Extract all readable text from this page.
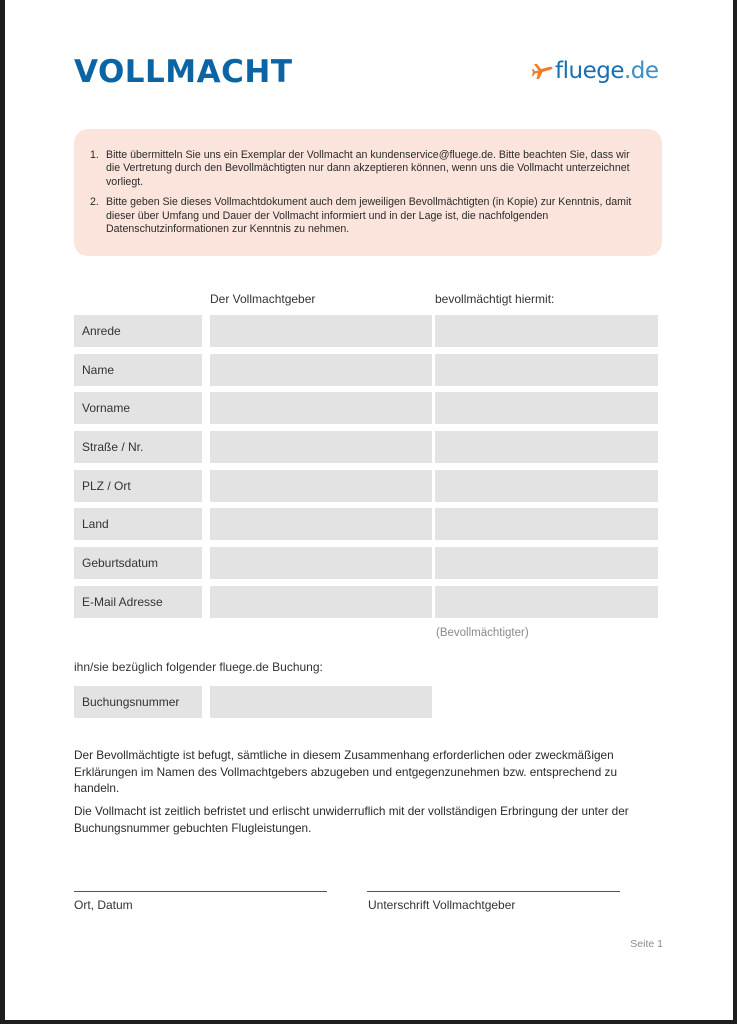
VOLLMACHT	fluege.de
1. Bitte übermitteln Sie uns ein Exemplar der Vollmacht an kundenservice@fluege.de. Bitte beachten Sie, dass wir die Vertretung durch den Bevollmächtigten nur dann akzeptieren können, wenn uns die Vollmacht unterzeichnet vorliegt.
2. Bitte geben Sie dieses Vollmachtdokument auch dem jeweiligen Bevollmächtigten (in Kopie) zur Kenntnis, damit dieser über Umfang und Dauer der Vollmacht informiert und in der Lage ist, die nachfolgenden Datenschutzinformationen zur Kenntnis zu nehmen.
Der Vollmachtgeber	bevollmächtigt hiermit:
Anrede
Name
Vorname
Straße / Nr.
PLZ / Ort
Land
Geburtsdatum
E-Mail Adresse
(Bevollmächtigter)
ihn/sie bezüglich folgender fluege.de Buchung:
Buchungsnummer

Der Bevollmächtigte ist befugt, sämtliche in diesem Zusammenhang erforderlichen oder zweckmäßigen Erklärungen im Namen des Vollmachtgebers abzugeben und entgegenzunehmen bzw. entsprechend zu handeln.

Die Vollmacht ist zeitlich befristet und erlischt unwiderruflich mit der vollständigen Erbringung der unter der Buchungsnummer gebuchten Flugleistungen.

Ort, Datum	Unterschrift Vollmachtgeber
Seite 1
